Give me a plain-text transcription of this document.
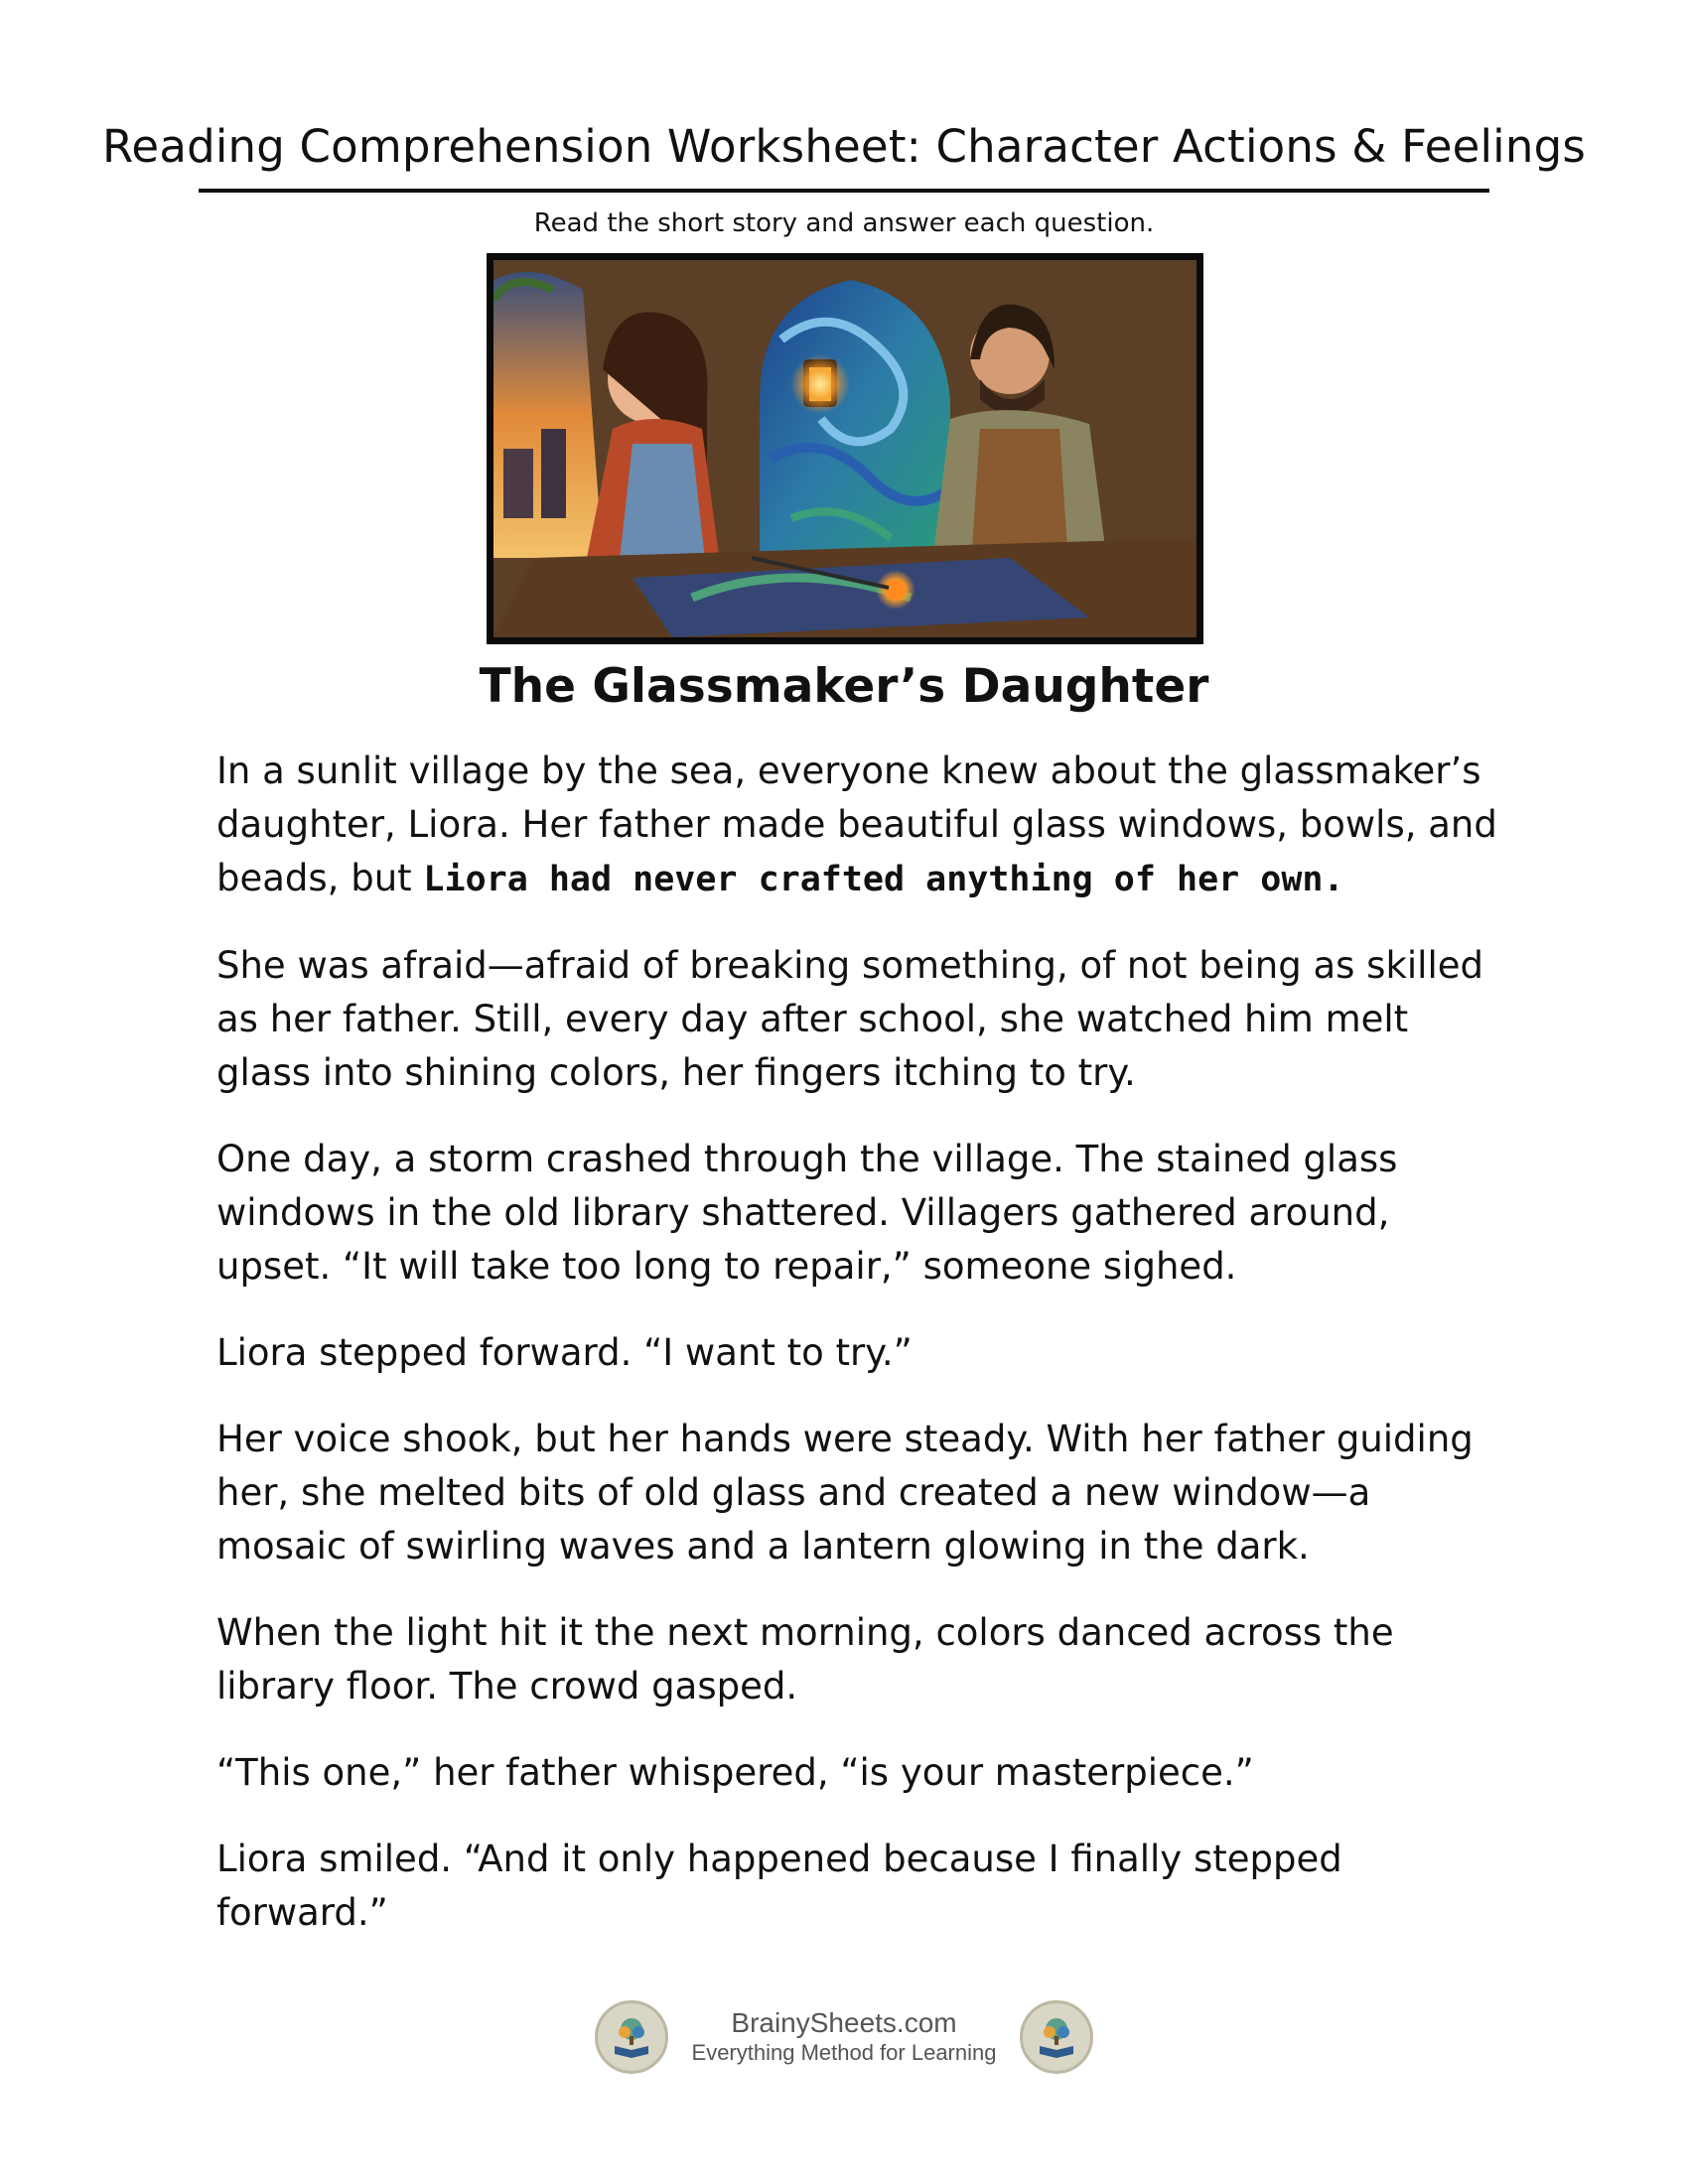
Reading Comprehension Worksheet: Character Actions & Feelings
Read the short story and answer each question.
The Glassmaker’s Daughter

In a sunlit village by the sea, everyone knew about the glassmaker’s daughter, Liora. Her father made beautiful glass windows, bowls, and beads, but Liora had never crafted anything of her own.

She was afraid—afraid of breaking something, of not being as skilled as her father. Still, every day after school, she watched him melt glass into shining colors, her fingers itching to try.

One day, a storm crashed through the village. The stained glass windows in the old library shattered. Villagers gathered around, upset. “It will take too long to repair,” someone sighed.

Liora stepped forward. “I want to try.”

Her voice shook, but her hands were steady. With her father guiding her, she melted bits of old glass and created a new window—a mosaic of swirling waves and a lantern glowing in the dark.

When the light hit it the next morning, colors danced across the library floor. The crowd gasped.

“This one,” her father whispered, “is your masterpiece.”

Liora smiled. “And it only happened because I finally stepped forward.”

BrainySheets.com
Everything Method for Learning
